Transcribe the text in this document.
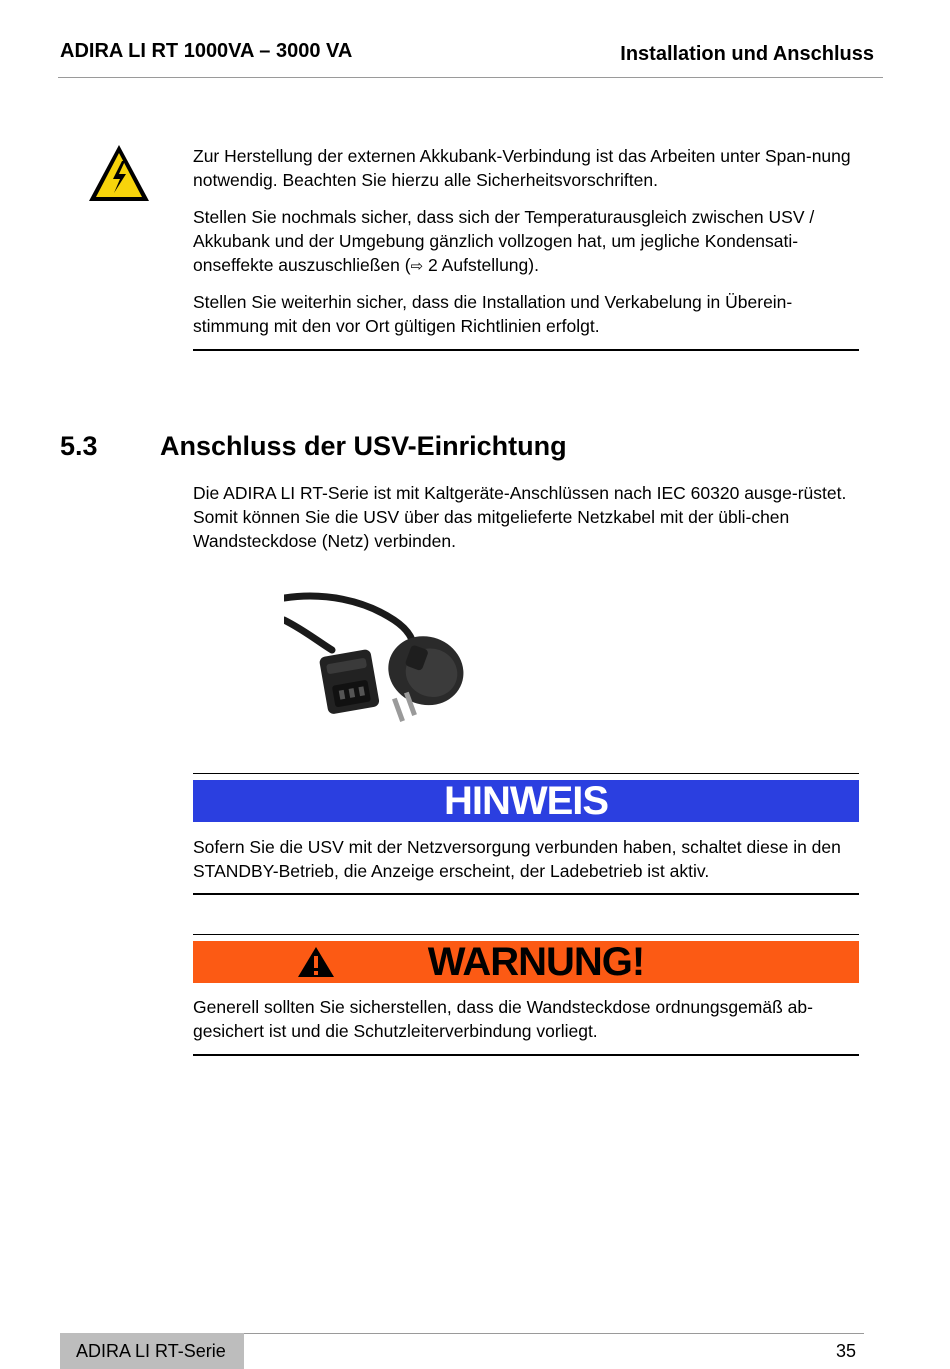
ADIRA LI RT 1000VA – 3000 VA	Installation und Anschluss

Zur Herstellung der externen Akkubank-Verbindung ist das Arbeiten unter Span-nung notwendig. Beachten Sie hierzu alle Sicherheitsvorschriften.

Stellen Sie nochmals sicher, dass sich der Temperaturausgleich zwischen USV / Akkubank und der Umgebung gänzlich vollzogen hat, um jegliche Kondensati-onseffekte auszuschließen (⇨ 2 Aufstellung).

Stellen Sie weiterhin sicher, dass die Installation und Verkabelung in Überein-stimmung mit den vor Ort gültigen Richtlinien erfolgt.

5.3 Anschluss der USV-Einrichtung

Die ADIRA LI RT-Serie ist mit Kaltgeräte-Anschlüssen nach IEC 60320 ausge-rüstet. Somit können Sie die USV über das mitgelieferte Netzkabel mit der übli-chen Wandsteckdose (Netz) verbinden.

HINWEIS

Sofern Sie die USV mit der Netzversorgung verbunden haben, schaltet diese in den STANDBY-Betrieb, die Anzeige erscheint, der Ladebetrieb ist aktiv.

WARNUNG!

Generell sollten Sie sicherstellen, dass die Wandsteckdose ordnungsgemäß ab-gesichert ist und die Schutzleiterverbindung vorliegt.

ADIRA LI RT-Serie	35
